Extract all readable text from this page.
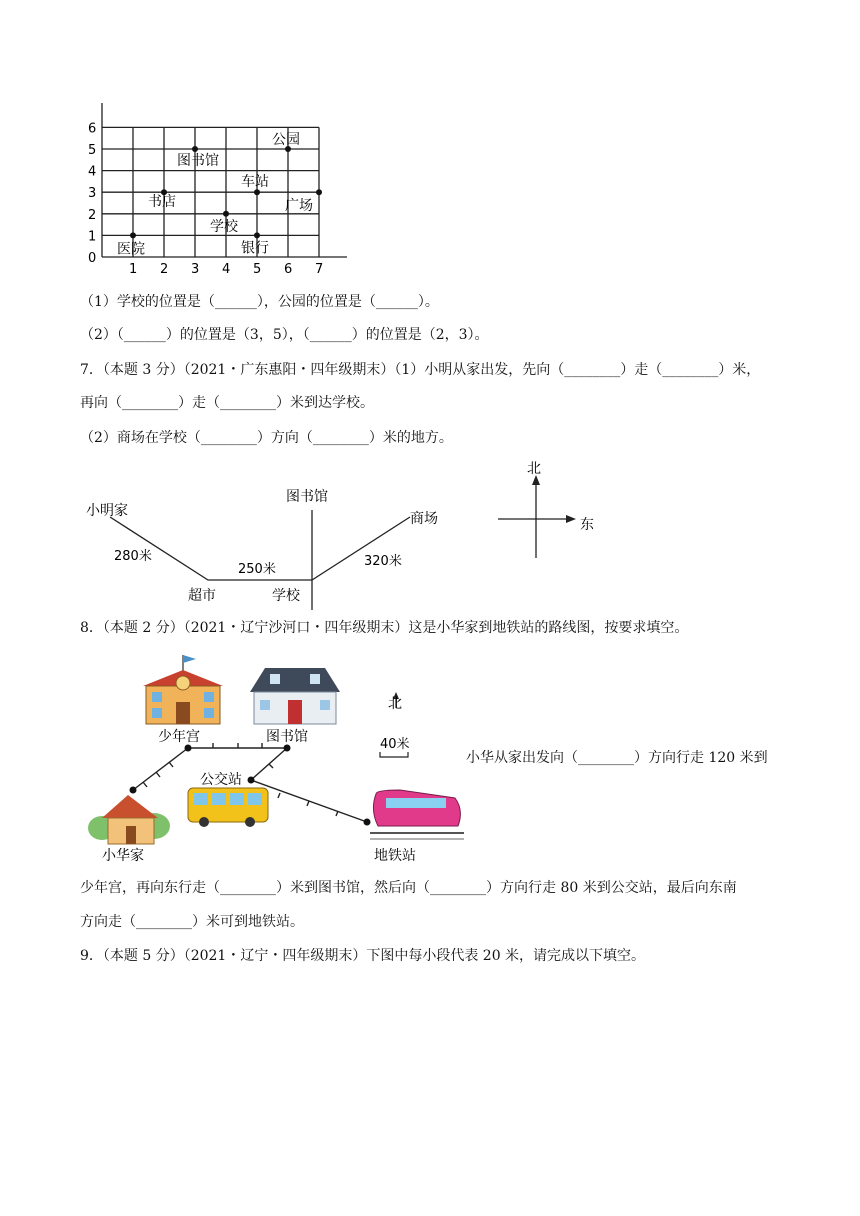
0
1
2
3
4
5
6
1 2 3 4 5 6 7
医院
书店
图书馆
学校
车站
银行
公园
广场
（1）学校的位置是（______），公园的位置是（______）。
（2）（______）的位置是（3，5），（______）的位置是（2，3）。
7．（本题 3 分）（2021・广东惠阳・四年级期末）（1）小明从家出发，先向（________）走（________）米，
再向（________）走（________）米到达学校。
（2）商场在学校（________）方向（________）米的地方。
小明家
280米
超市
250米
学校
图书馆
商场
320米
北
东
8．（本题 2 分）（2021・辽宁沙河口・四年级期末）这是小华家到地铁站的路线图，按要求填空。
北
40米
少年宫	图书馆
公交站
小华家	地铁站
小华从家出发向（________）方向行走 120 米到
少年宫，再向东行走（________）米到图书馆，然后向（________）方向行走 80 米到公交站，最后向东南
方向走（________）米可到地铁站。
9．（本题 5 分）（2021・辽宁・四年级期末）下图中每小段代表 20 米，请完成以下填空。
